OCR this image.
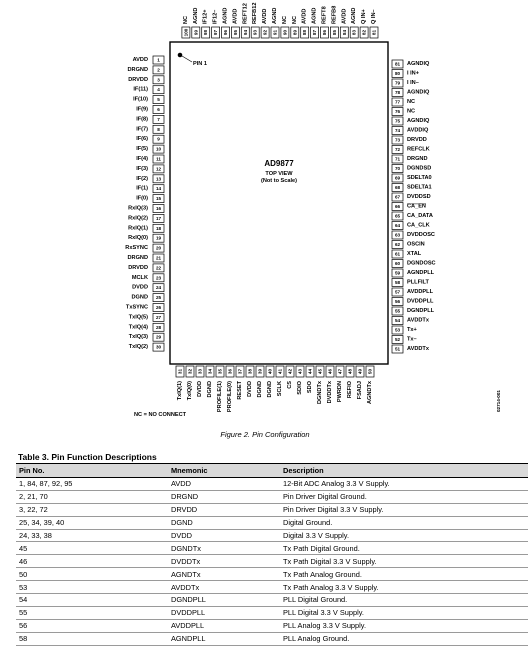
PIN 1
AD9877
TOP VIEW
(Not to Scale)
NC = NO CONNECT
02714-001
1
AVDD
2
DRGND
3
DRVDD
4
IF(11)
5
IF(10)
6
IF(9)
7
IF(8)
8
IF(7)
9
IF(6)
10
IF(5)
11
IF(4)
12
IF(3)
13
IF(2)
14
IF(1)
15
IF(0)
16
RxIQ(3)
17
RxIQ(2)
18
RxIQ(1)
19
RxIQ(0)
20
RxSYNC
21
DRGND
22
DRVDD
23
MCLK
24
DVDD
25
DGND
26
TxSYNC
27
TxIQ(5)
28
TxIQ(4)
29
TxIQ(3)
30
TxIQ(2)
31
TxIQ(1)
32
TxIQ(0)
33
DVDD
34
DGND
35
PROFILE(1)
36
PROFILE(0)
37
RESET
38
DVDD
39
DGND
40
DGND
41
SCLK
42
CS
43
SDIO
44
SDO
45
DGNDTx
46
DVDDTx
47
PWRDN
48
REFIO
49
FSADJ
50
AGNDTx
51 AVDDTx
52 Tx–
53 Tx+
54 AVDDTx
55 DGNDPLL
56 DVDDPLL
57 AVDDPLL
58 PLLFILT
59 AGNDPLL
60 DGNDOSC
61 XTAL
62 OSCIN
63 DVDDOSC
64 CA_CLK
65 CA_DATA
66 CA_EN
67 DVDDSD
68 SDELTA1
69 SDELTA0
70 DGNDSD
71 DRGND
72 REFCLK
73 DRVDD
74 AVDDIQ
75 AGNDIQ
76 NC
77 NC
78 AGNDIQ
79 I IN–
80 I IN+
81 AGNDIQ
81
Q IN–
82
Q IN+
83
AGND
84
AVDD
85
REFB8
86
REFT8
87
AGND
88
AVDD
89
NC
90
NC
91
AGND
92
AVDD
93
REFB12
94
REFT12
95
AVDD
96
AGND
97
IF12–
98
IF12+
99
AGND
100
NC
Figure 2. Pin Configuration
Table 3. Pin Function Descriptions
Pin No.	Mnemonic	Description
1, 84, 87, 92, 95	AVDD	12-Bit ADC Analog 3.3 V Supply.
2, 21, 70	DRGND	Pin Driver Digital Ground.
3, 22, 72	DRVDD	Pin Driver Digital 3.3 V Supply.
25, 34, 39, 40	DGND	Digital Ground.
24, 33, 38	DVDD	Digital 3.3 V Supply.
45	DGNDTx	Tx Path Digital Ground.
46	DVDDTx	Tx Path Digital 3.3 V Supply.
50	AGNDTx	Tx Path Analog Ground.
53	AVDDTx	Tx Path Analog 3.3 V Supply.
54	DGNDPLL	PLL Digital Ground.
55	DVDDPLL	PLL Digital 3.3 V Supply.
56	AVDDPLL	PLL Analog 3.3 V Supply.
58	AGNDPLL	PLL Analog Ground.
